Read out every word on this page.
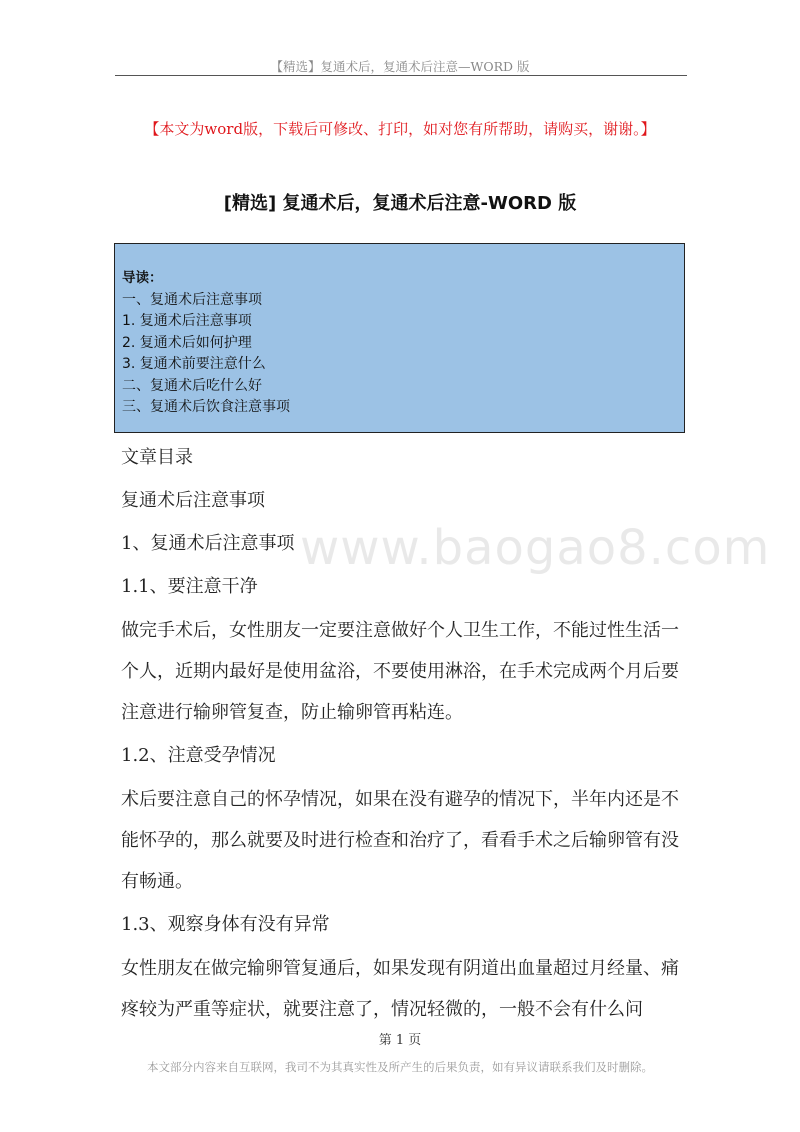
【精选】复通术后，复通术后注意—WORD 版
【本文为word版，下载后可修改、打印，如对您有所帮助，请购买，谢谢。】
[精选] 复通术后，复通术后注意-WORD 版
导读：
一、复通术后注意事项
1. 复通术后注意事项
2. 复通术后如何护理
3. 复通术前要注意什么
二、复通术后吃什么好
三、复通术后饮食注意事项
www.baogao8.com

文章目录

复通术后注意事项

1、复通术后注意事项

1.1、要注意干净

做完手术后，女性朋友一定要注意做好个人卫生工作，不能过性生活一个人，近期内最好是使用盆浴，不要使用淋浴，在手术完成两个月后要注意进行输卵管复查，防止输卵管再粘连。

1.2、注意受孕情况

术后要注意自己的怀孕情况，如果在没有避孕的情况下，半年内还是不能怀孕的，那么就要及时进行检查和治疗了，看看手术之后输卵管有没有畅通。

1.3、观察身体有没有异常

女性朋友在做完输卵管复通后，如果发现有阴道出血量超过月经量、痛疼较为严重等症状，就要注意了，情况轻微的，一般不会有什么问

第 1 页
本文部分内容来自互联网，我司不为其真实性及所产生的后果负责，如有异议请联系我们及时删除。
